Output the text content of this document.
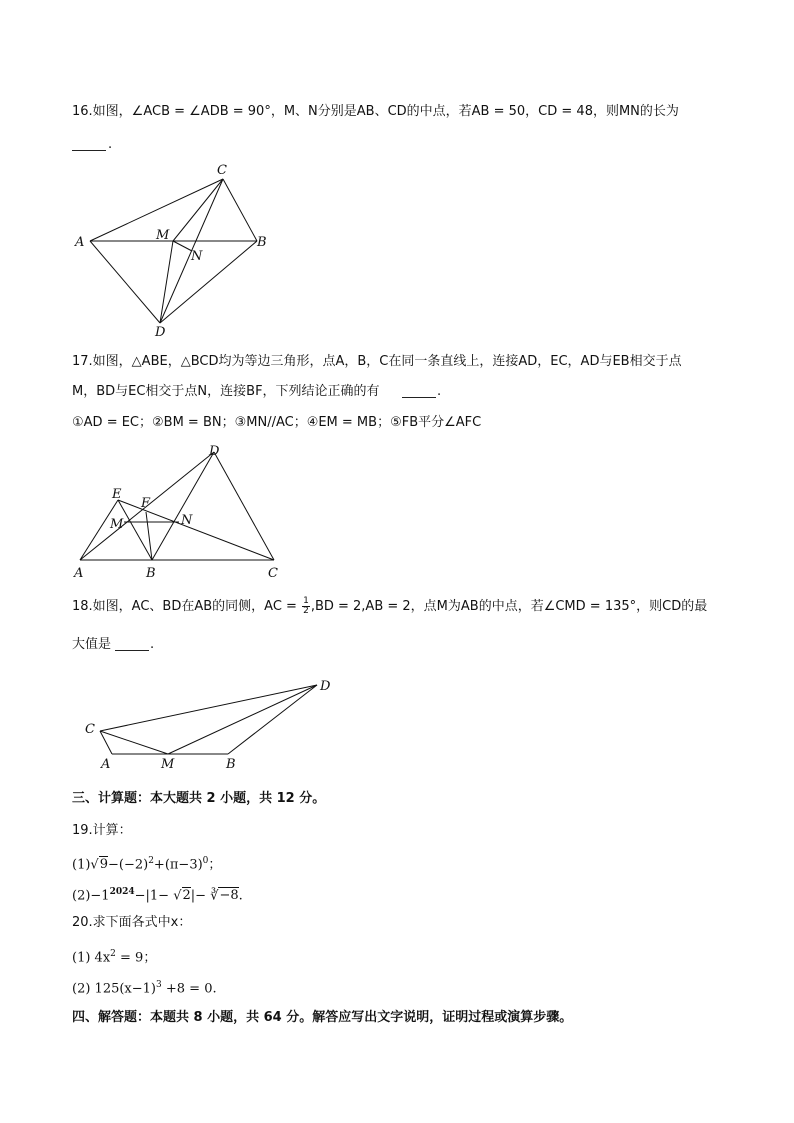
16.如图，∠ACB = ∠ADB = 90°，M、N分别是AB、CD的中点，若AB = 50，CD = 48，则MN的长为
.
C
A	M	B
N
D
17.如图，△ABE，△BCD均为等边三角形，点A，B，C在同一条直线上，连接AD，EC，AD与EB相交于点
M，BD与EC相交于点N，连接BF，下列结论正确的有	.
①AD = EC；②BM = BN；③MN//AC；④EM = MB；⑤FB平分∠AFC
D
E
F
M	N
A	B	C
18.如图，AC、BD在AB的同侧，AC = $\frac{1}{2} ,BD = 2,AB = 2$，点M为AB的中点，若∠CMD = 135°，则CD的最
大值是	.
D
C
A	M	B
三、计算题：本大题共 2 小题，共 12 分。
19.计算：
$(1)√9-(-2)^2+(\pi-3)^0$；
$(2)-1^{2024}-|1- √2|-$ ∛−8.
20.求下面各式中x：
(1) $4x^2 = 9$；
(2) $125(x-1)^3 +8 = 0$.
四、解答题：本题共 8 小题，共 64 分。解答应写出文字说明，证明过程或演算步骤。
